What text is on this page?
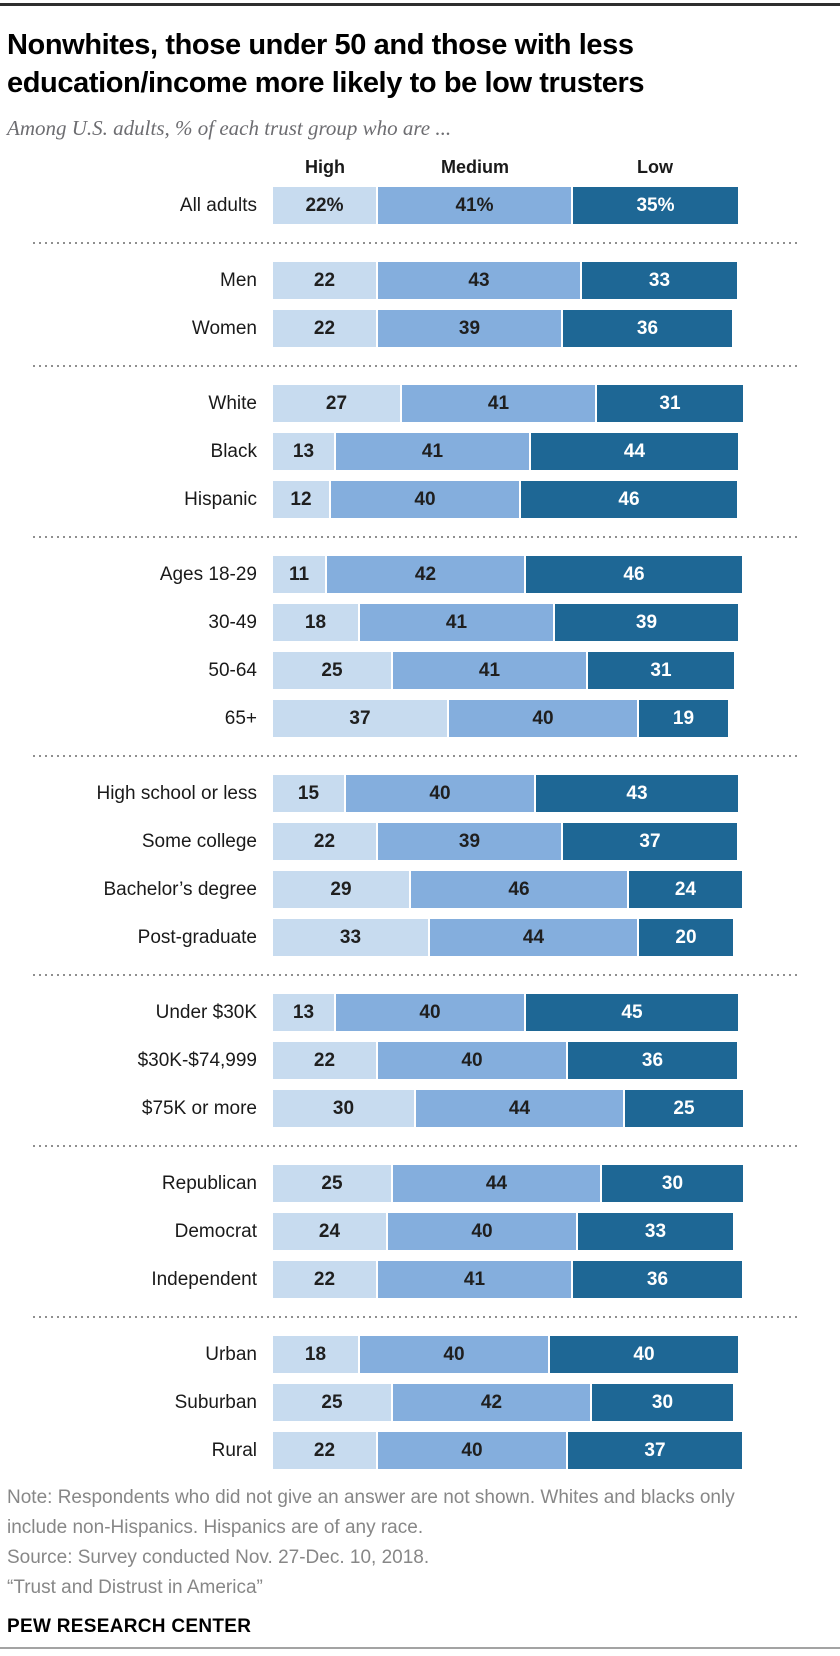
Nonwhites, those under 50 and those with less
education/income more likely to be low trusters
Among U.S. adults, % of each trust group who are ...
High	Medium	Low
All adults	22%	41%	35%
Men	22	43	33
Women	22	39	36
White	27	41	31
Black	13	41	44
Hispanic	12	40	46
Ages 18-29	11	42	46
30-49	18	41	39
50-64	25	41	31
65+	37	40	19
High school or less	15	40	43
Some college	22	39	37
Bachelor’s degree	29	46	24
Post-graduate	33	44	20
Under $30K	13	40	45
$30K-$74,999	22	40	36
$75K or more	30	44	25
Republican	25	44	30
Democrat	24	40	33
Independent	22	41	36
Urban	18	40	40
Suburban	25	42	30
Rural	22	40	37

Note: Respondents who did not give an answer are not shown. Whites and blacks only include non-Hispanics. Hispanics are of any race.

Source: Survey conducted Nov. 27-Dec. 10, 2018.

“Trust and Distrust in America”

PEW RESEARCH CENTER
